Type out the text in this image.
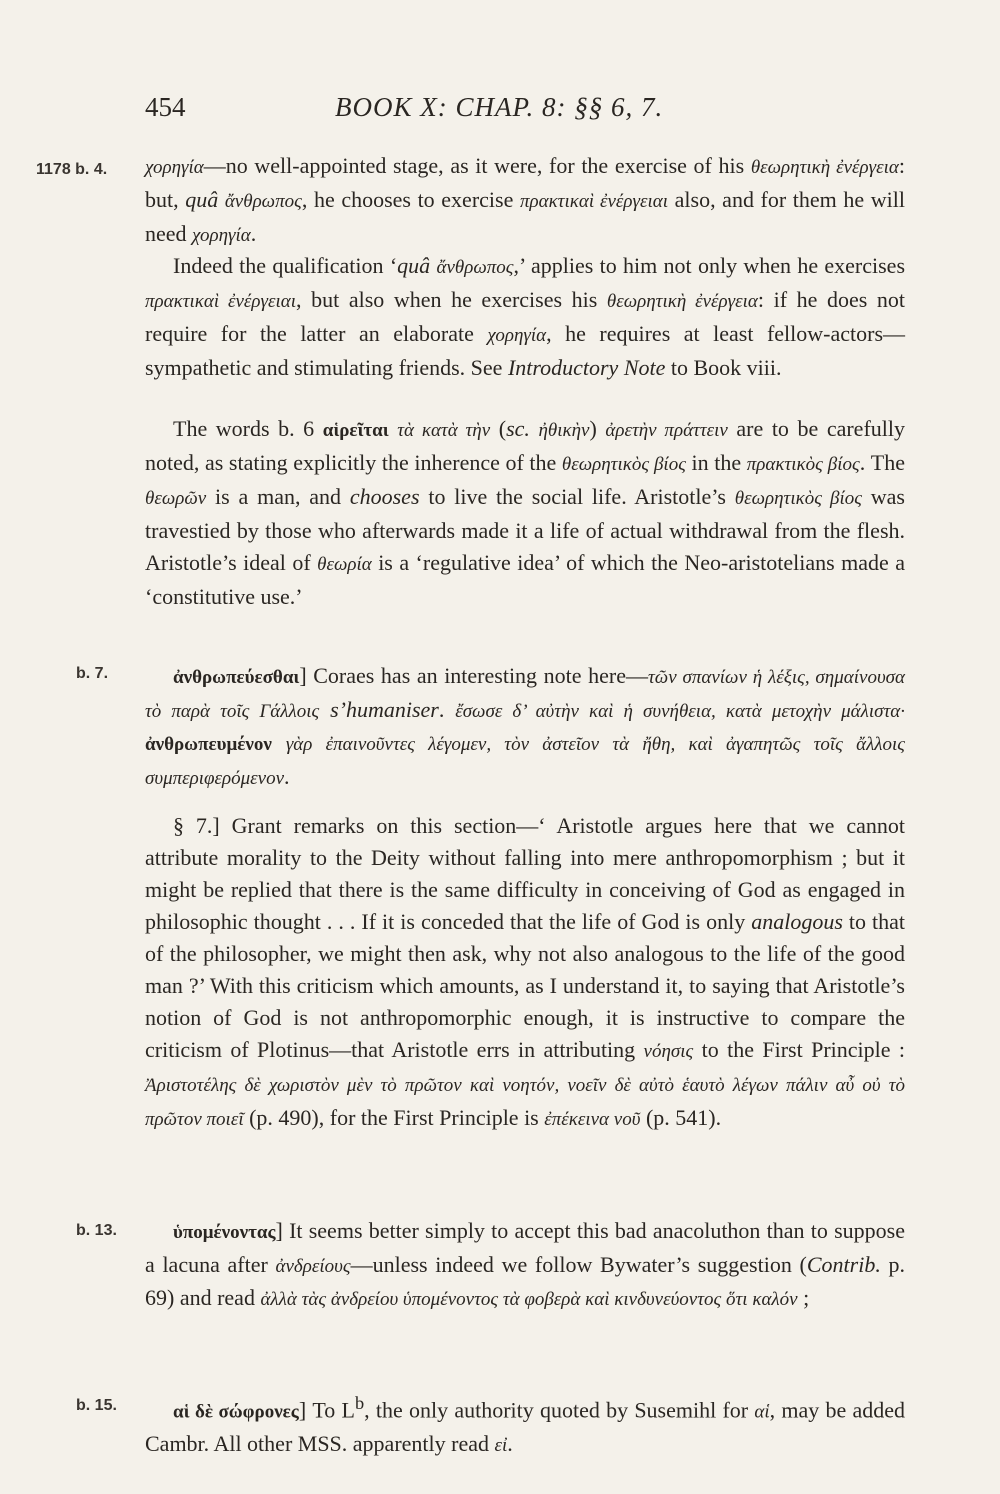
454	BOOK X: CHAP. 8: §§ 6, 7.
1178 b. 4.
b. 7.
b. 13.
b. 15.

χορηγία—no well-appointed stage, as it were, for the exercise of his θεωρητικὴ ἐνέργεια: but, quâ ἄνθρωπος, he chooses to exercise πρακτικαὶ ἐνέργειαι also, and for them he will need χορηγία.

Indeed the qualification ‘quâ ἄνθρωπος,’ applies to him not only when he exercises πρακτικαὶ ἐνέργειαι, but also when he exercises his θεωρητικὴ ἐνέργεια: if he does not require for the latter an elaborate χορηγία, he requires at least fellow-actors—sympathetic and stimulating friends. See Introductory Note to Book viii.

The words b. 6 αἱρεῖται τὰ κατὰ τὴν (sc. ἠθικὴν) ἀρετὴν πράττειν are to be carefully noted, as stating explicitly the inherence of the θεωρητικὸς βίος in the πρακτικὸς βίος. The θεωρῶν is a man, and chooses to live the social life. Aristotle’s θεωρητικὸς βίος was travestied by those who afterwards made it a life of actual withdrawal from the flesh. Aristotle’s ideal of θεωρία is a ‘regulative idea’ of which the Neo-aristotelians made a ‘constitutive use.’

ἀνθρωπεύεσθαι] Coraes has an interesting note here—τῶν σπανίων ἡ λέξις, σημαίνουσα τὸ παρὰ τοῖς Γάλλοις s’humaniser. ἔσωσε δ’ αὐτὴν καὶ ἡ συνήθεια, κατὰ μετοχὴν μάλιστα· ἀνθρωπευμένον γὰρ ἐπαινοῦντες λέγομεν, τὸν ἀστεῖον τὰ ἤθη, καὶ ἀγαπητῶς τοῖς ἄλλοις συμπεριφερόμενον.

§ 7.] Grant remarks on this section—‘ Aristotle argues here that we cannot attribute morality to the Deity without falling into mere anthropomorphism ; but it might be replied that there is the same difficulty in conceiving of God as engaged in philosophic thought . . . If it is conceded that the life of God is only analogous to that of the philosopher, we might then ask, why not also analogous to the life of the good man ?’ With this criticism which amounts, as I understand it, to saying that Aristotle’s notion of God is not anthropomorphic enough, it is instructive to compare the criticism of Plotinus—that Aristotle errs in attributing νόησις to the First Principle : Ἀριστοτέλης δὲ χωριστὸν μὲν τὸ πρῶτον καὶ νοητόν, νοεῖν δὲ αὐτὸ ἑαυτὸ λέγων πάλιν αὖ οὐ τὸ πρῶτον ποιεῖ (p. 490), for the First Principle is ἐπέκεινα νοῦ (p. 541).

ὑπομένοντας] It seems better simply to accept this bad anacoluthon than to suppose a lacuna after ἀνδρείους—unless indeed we follow Bywater’s suggestion (Contrib. p. 69) and read ἀλλὰ τὰς ἀνδρείου ὑπομένοντος τὰ φοβερὰ καὶ κινδυνεύοντος ὅτι καλόν ;

αἱ δὲ σώφρονες] To $L^b$, the only authority quoted by Susemihl for αἱ, may be added Cambr. All other MSS. apparently read εἰ.
